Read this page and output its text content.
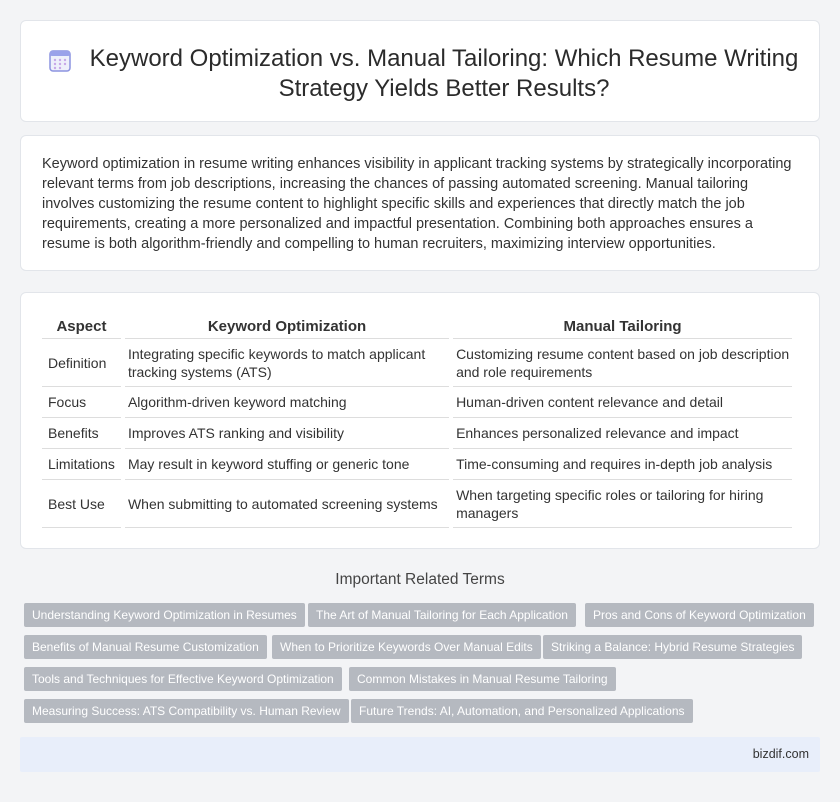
Keyword Optimization vs. Manual Tailoring: Which Resume Writing Strategy Yields Better Results?

Keyword optimization in resume writing enhances visibility in applicant tracking systems by strategically incorporating relevant terms from job descriptions, increasing the chances of passing automated screening. Manual tailoring involves customizing the resume content to highlight specific skills and experiences that directly match the job requirements, creating a more personalized and impactful presentation. Combining both approaches ensures a resume is both algorithm-friendly and compelling to human recruiters, maximizing interview opportunities.

Aspect	Keyword Optimization	Manual Tailoring
Definition	Integrating specific keywords to match applicant tracking systems (ATS)	Customizing resume content based on job description and role requirements
Focus	Algorithm-driven keyword matching	Human-driven content relevance and detail
Benefits	Improves ATS ranking and visibility	Enhances personalized relevance and impact
Limitations	May result in keyword stuffing or generic tone	Time-consuming and requires in-depth job analysis
Best Use	When submitting to automated screening systems	When targeting specific roles or tailoring for hiring managers
Important Related Terms
Understanding Keyword Optimization in Resumes	The Art of Manual Tailoring for Each Application	Pros and Cons of Keyword Optimization
Benefits of Manual Resume Customization	When to Prioritize Keywords Over Manual Edits	Striking a Balance: Hybrid Resume Strategies
Tools and Techniques for Effective Keyword Optimization	Common Mistakes in Manual Resume Tailoring
Measuring Success: ATS Compatibility vs. Human Review	Future Trends: AI, Automation, and Personalized Applications
bizdif.com
